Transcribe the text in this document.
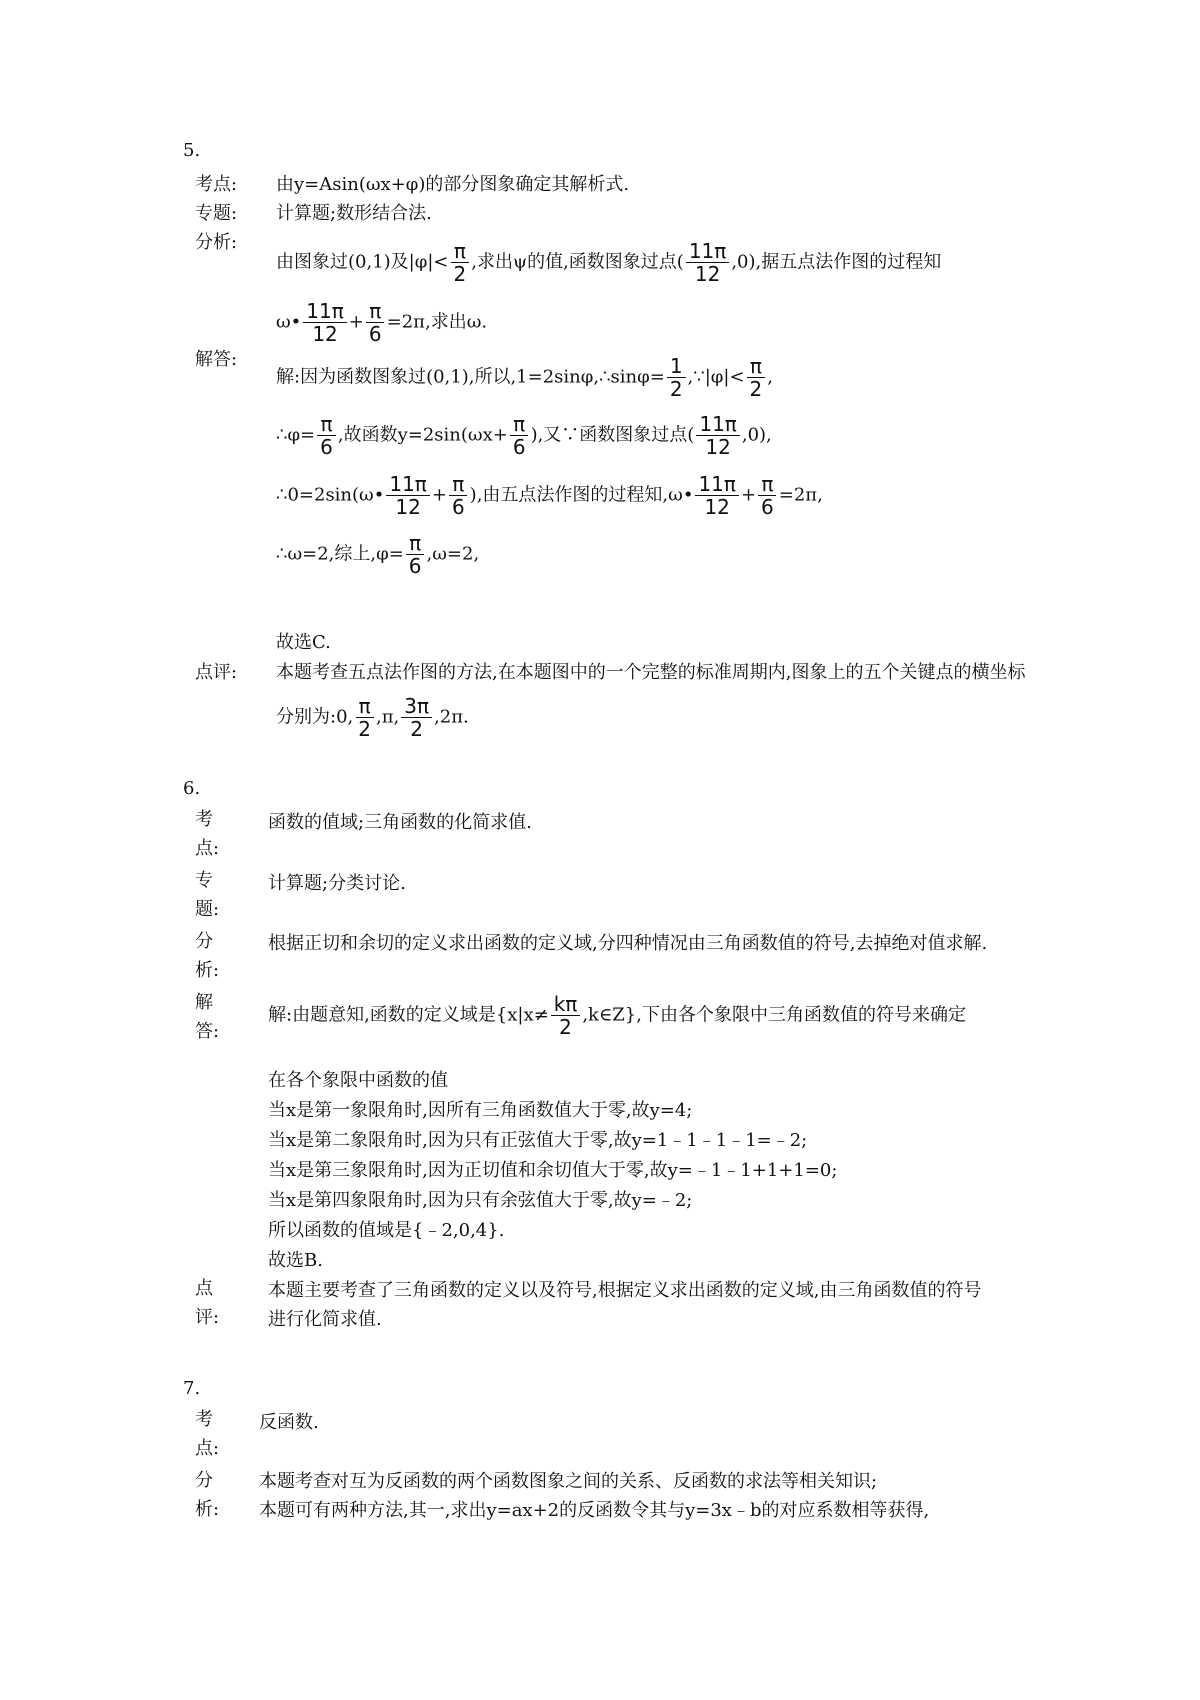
5.
考点: 由y=Asin(ωx+φ)的部分图象确定其解析式.
专题: 计算题;数形结合法.
分析:
由图象过(0,1)及$|\varphi|< \frac{\pi}{2}$ ,求出ψ的值,函数图象过点( $\frac{11\pi}{12} ,0$),据五点法作图的过程知
ω• $\frac{11\pi}{12} + \frac{\pi}{6} =2\pi$,求出ω.
解答:
解:因为函数图象过(0,1),所以,1=2sinφ,∴sinφ= $\frac{1}{2}$ ,∵|φ|< $\frac{\pi}{2}$ ,
∴φ= $\frac{\pi}{6}$ ,故函数$y=2\sin(\omega x+ \frac{\pi}{6}$ ),又∵函数图象过点( $\frac{11\pi}{12} ,0$),
∴0=2sin(ω• $\frac{11\pi}{12} + \frac{\pi}{6}$ ),由五点法作图的过程知,ω• $\frac{11\pi}{12} + \frac{\pi}{6} =2\pi$,
∴ω=2,综上$,\varphi= \frac{\pi}{6} ,\omega=2$,
故选C.
点评: 本题考查五点法作图的方法,在本题图中的一个完整的标准周期内,图象上的五个关键点的横坐标
分别为:0, $\frac{\pi}{2} ,\pi$, $\frac{3\pi}{2} ,2\pi$.
6.
考
点:
函数的值域;三角函数的化简求值.
专
题:
计算题;分类讨论.
分
析:
根据正切和余切的定义求出函数的定义域,分四种情况由三角函数值的符号,去掉绝对值求解.
解
答:
解:由题意知,函数的定义域是{$x|x\ne \frac{k\pi}{2}$ ,k∈Z},下由各个象限中三角函数值的符号来确定
在各个象限中函数的值
当x是第一象限角时,因所有三角函数值大于零,故y=4;
当x是第二象限角时,因为只有正弦值大于零,故y=1﹣1﹣1﹣1=﹣2;
当x是第三象限角时,因为正切值和余切值大于零,故y=﹣1﹣1+1+1=0;
当x是第四象限角时,因为只有余弦值大于零,故y=﹣2;
所以函数的值域是{﹣2,0,4}.
故选B.
点
评:
本题主要考查了三角函数的定义以及符号,根据定义求出函数的定义域,由三角函数值的符号
进行化简求值.
7.
考
点:
反函数.
分
析:
本题考查对互为反函数的两个函数图象之间的关系、反函数的求法等相关知识;
本题可有两种方法,其一,求出y=ax+2的反函数令其与y=3x﹣b的对应系数相等获得,
